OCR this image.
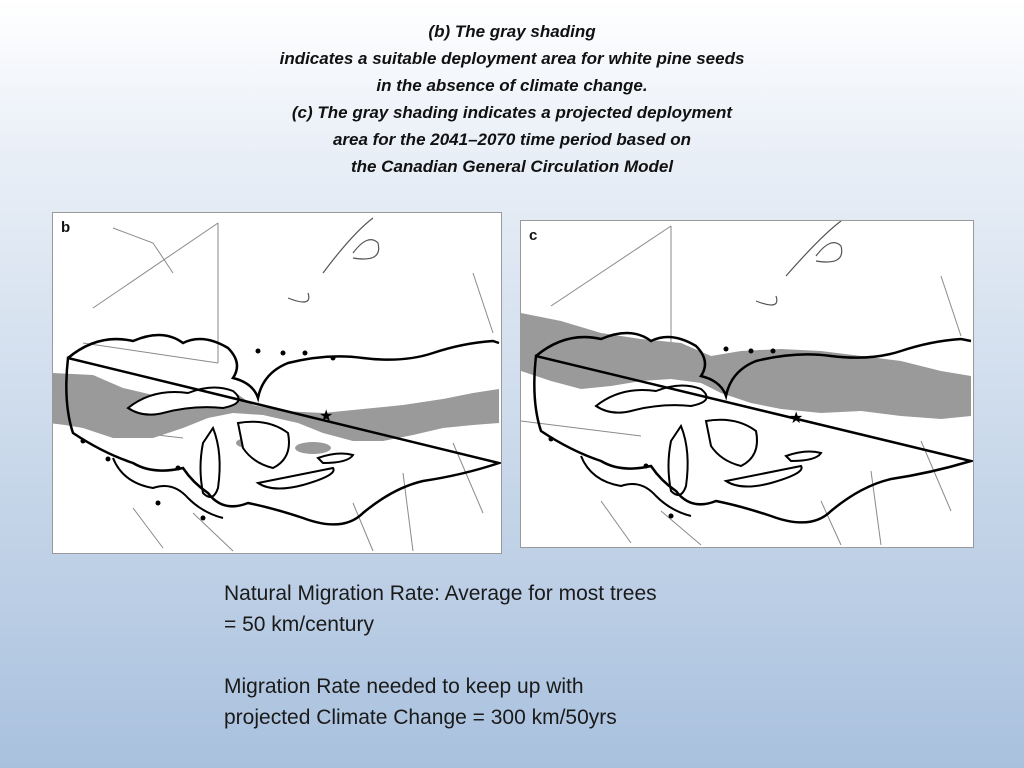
(b) The gray shading
indicates a suitable deployment area for white pine seeds
in the absence of climate change.
(c) The gray shading indicates a projected deployment
area for the 2041–2070 time period based on
the Canadian General Circulation Model
★
b
★
c

Natural Migration Rate: Average for most trees

= 50 km/century

Migration Rate needed to keep up with

projected Climate Change = 300 km/50yrs
